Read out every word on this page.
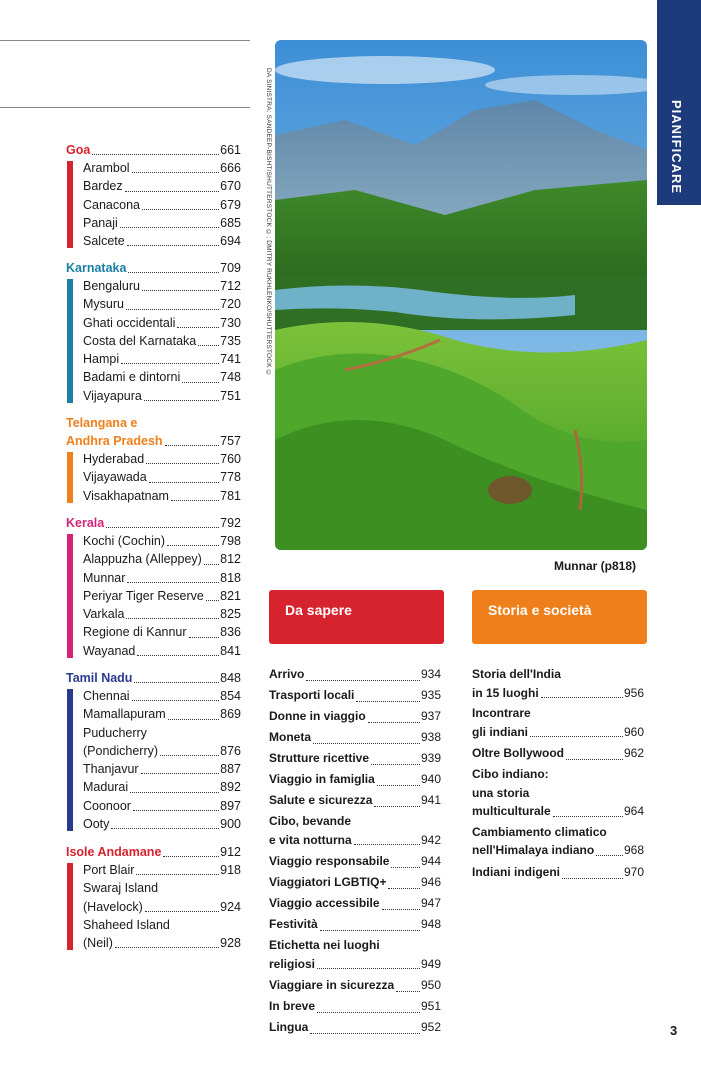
Goa	661
Arambol	666
Bardez	670
Canacona	679
Panaji	685
Salcete	694
Karnataka	709
Bengaluru	712
Mysuru	720
Ghati occidentali	730
Costa del Karnataka 735
Hampi	741
Badami e dintorni	748
Vijayapura	751
Telangana e
Andhra Pradesh	757
Hyderabad	760
Vijayawada	778
Visakhapatnam	781
Kerala	792
Kochi (Cochin)	798
Alappuzha (Alleppey) 812
Munnar	818
Periyar Tiger Reserve 821
Varkala	825
Regione di Kannur	836
Wayanad	841
Tamil Nadu	848
Chennai	854
Mamallapuram	869
Puducherry
(Pondicherry)	876
Thanjavur	887
Madurai	892
Coonoor	897
Ooty	900
Isole Andamane	912
Port Blair	918
Swaraj Island
(Havelock)	924
Shaheed Island
(Neil)	928
DA SINISTRA: SANDEEP-BISHT/SHUTTERSTOCK ©; DMITRY RUKHLENKO/SHUTTERSTOCK ©
Munnar (p818)
PIANIFICARE
Da sapere	Storia e società
Arrivo	934
Trasporti locali	935
Donne in viaggio	937
Moneta	938
Strutture ricettive	939
Viaggio in famiglia	940
Salute e sicurezza	941
Cibo, bevande
e vita notturna	942
Viaggio responsabile	944
Viaggiatori LGBTIQ+	946
Viaggio accessibile	947
Festività	948
Etichetta nei luoghi
religiosi	949
Viaggiare in sicurezza 950
In breve	951
Lingua	952
Storia dell'India
in 15 luoghi	956
Incontrare
gli indiani	960
Oltre Bollywood	962
Cibo indiano:
una storia
multiculturale	964
Cambiamento climatico
nell'Himalaya indiano 968
Indiani indigeni	970
3
